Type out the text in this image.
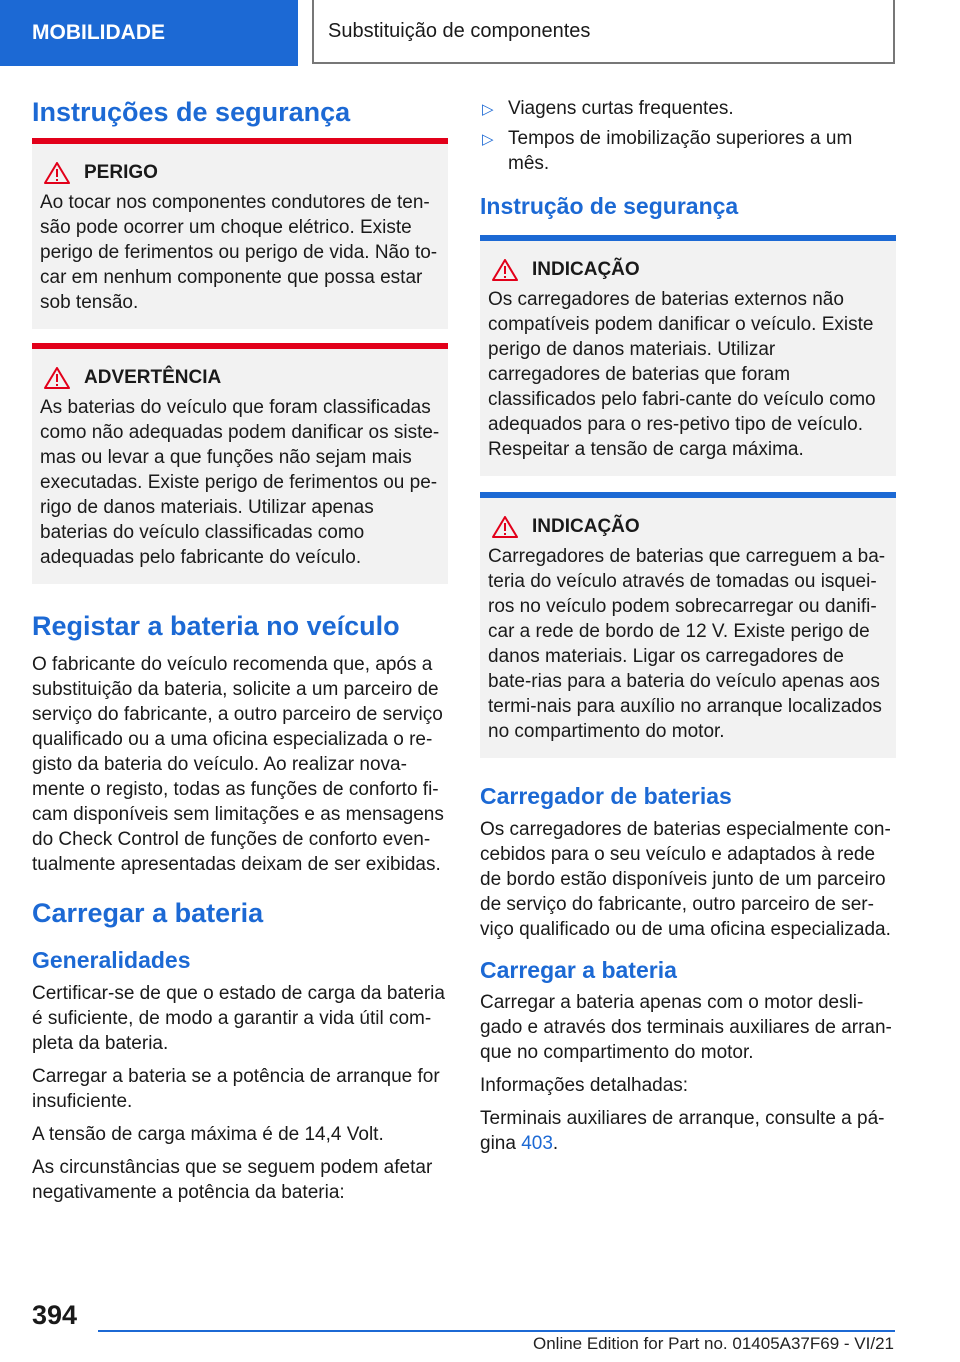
MOBILIDADE	Substituição de componentes
Instruções de segurança
PERIGO

Ao tocar nos componentes condutores de ten-são pode ocorrer um choque elétrico. Existe perigo de ferimentos ou perigo de vida. Não to-car em nenhum componente que possa estar sob tensão.

ADVERTÊNCIA

As baterias do veículo que foram classificadas como não adequadas podem danificar os siste-mas ou levar a que funções não sejam mais executadas. Existe perigo de ferimentos ou pe-rigo de danos materiais. Utilizar apenas baterias do veículo classificadas como adequadas pelo fabricante do veículo.

Registar a bateria no veículo

O fabricante do veículo recomenda que, após a substituição da bateria, solicite a um parceiro de serviço do fabricante, a outro parceiro de serviço qualificado ou a uma oficina especializada o re-gisto da bateria do veículo. Ao realizar nova-mente o registo, todas as funções de conforto fi-cam disponíveis sem limitações e as mensagens do Check Control de funções de conforto even-tualmente apresentadas deixam de ser exibidas.

Carregar a bateria
Generalidades

Certificar-se de que o estado de carga da bateria é suficiente, de modo a garantir a vida útil com-pleta da bateria.

Carregar a bateria se a potência de arranque for insuficiente.

A tensão de carga máxima é de 14,4 Volt.

As circunstâncias que se seguem podem afetar negativamente a potência da bateria:

▷ Viagens curtas frequentes.
▷ Tempos de imobilização superiores a um mês.
Instrução de segurança
INDICAÇÃO

Os carregadores de baterias externos não compatíveis podem danificar o veículo. Existe perigo de danos materiais. Utilizar carregadores de baterias que foram classificados pelo fabri-cante do veículo como adequados para o res-petivo tipo de veículo. Respeitar a tensão de carga máxima.

INDICAÇÃO

Carregadores de baterias que carreguem a ba-teria do veículo através de tomadas ou isquei-ros no veículo podem sobrecarregar ou danifi-car a rede de bordo de 12 V. Existe perigo de danos materiais. Ligar os carregadores de bate-rias para a bateria do veículo apenas aos termi-nais para auxílio no arranque localizados no compartimento do motor.

Carregador de baterias

Os carregadores de baterias especialmente con-cebidos para o seu veículo e adaptados à rede de bordo estão disponíveis junto de um parceiro de serviço do fabricante, outro parceiro de ser-viço qualificado ou de uma oficina especializada.

Carregar a bateria

Carregar a bateria apenas com o motor desli-gado e através dos terminais auxiliares de arran-que no compartimento do motor.

Informações detalhadas:

Terminais auxiliares de arranque, consulte a pá-gina 403.

394
Online Edition for Part no. 01405A37F69 - VI/21
